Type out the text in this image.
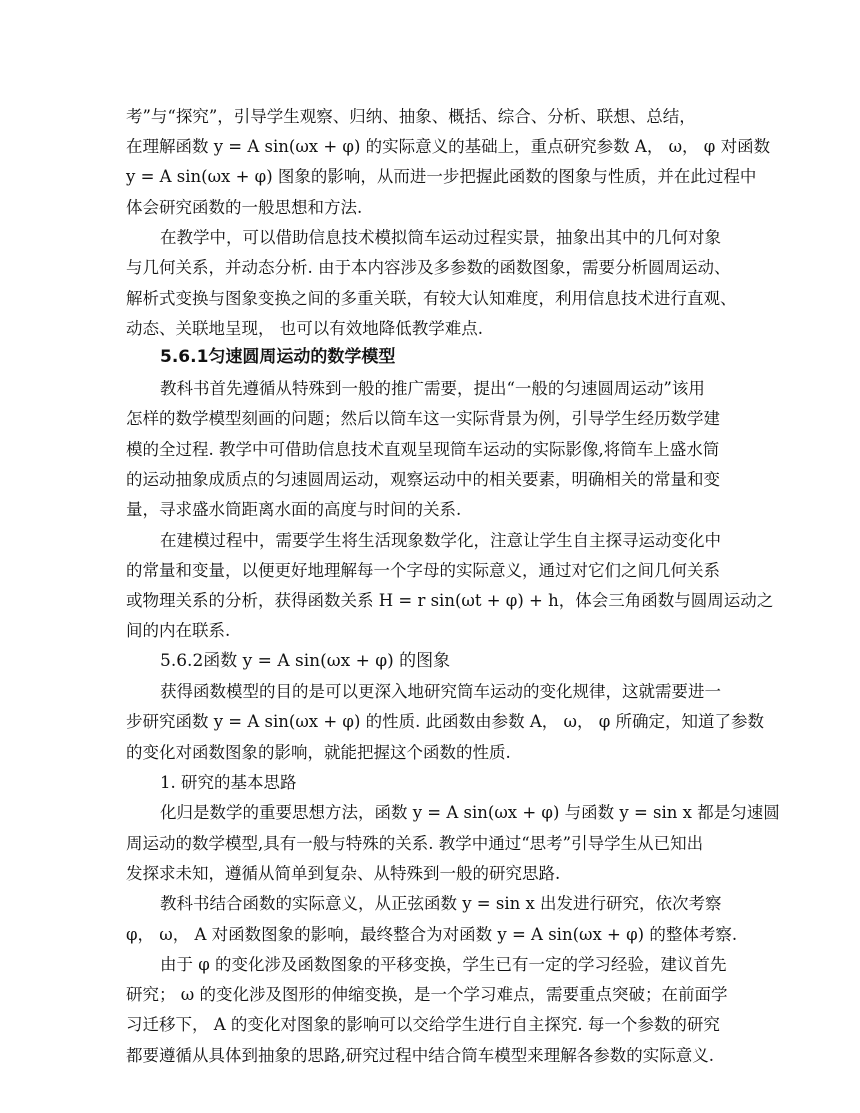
考”与“探究”，引导学生观察、归纳、抽象、概括、综合、分析、联想、总结，
在理解函数 y = A sin(ωx + φ) 的实际意义的基础上，重点研究参数 A， ω， φ 对函数
y = A sin(ωx + φ) 图象的影响，从而进一步把握此函数的图象与性质，并在此过程中
体会研究函数的一般思想和方法.
在教学中，可以借助信息技术模拟筒车运动过程实景，抽象出其中的几何对象
与几何关系，并动态分析. 由于本内容涉及多参数的函数图象，需要分析圆周运动、
解析式变换与图象变换之间的多重关联，有较大认知难度，利用信息技术进行直观、
动态、关联地呈现， 也可以有效地降低教学难点.
5.6.1匀速圆周运动的数学模型
教科书首先遵循从特殊到一般的推广需要，提出“一般的匀速圆周运动”该用
怎样的数学模型刻画的问题；然后以筒车这一实际背景为例，引导学生经历数学建
模的全过程. 教学中可借助信息技术直观呈现筒车运动的实际影像,将筒车上盛水筒
的运动抽象成质点的匀速圆周运动，观察运动中的相关要素，明确相关的常量和变
量，寻求盛水筒距离水面的高度与时间的关系.
在建模过程中，需要学生将生活现象数学化，注意让学生自主探寻运动变化中
的常量和变量，以便更好地理解每一个字母的实际意义，通过对它们之间几何关系
或物理关系的分析，获得函数关系 H = r sin(ωt + φ) + h，体会三角函数与圆周运动之
间的内在联系.
5.6.2函数 y = A sin(ωx + φ) 的图象
获得函数模型的目的是可以更深入地研究筒车运动的变化规律，这就需要进一
步研究函数 y = A sin(ωx + φ) 的性质. 此函数由参数 A， ω， φ 所确定，知道了参数
的变化对函数图象的影响，就能把握这个函数的性质.
1. 研究的基本思路
化归是数学的重要思想方法，函数 y = A sin(ωx + φ) 与函数 y = sin x 都是匀速圆
周运动的数学模型,具有一般与特殊的关系. 教学中通过“思考”引导学生从已知出
发探求未知，遵循从简单到复杂、从特殊到一般的研究思路.
教科书结合函数的实际意义，从正弦函数 y = sin x 出发进行研究，依次考察
φ， ω， A 对函数图象的影响，最终整合为对函数 y = A sin(ωx + φ) 的整体考察.
由于 φ 的变化涉及函数图象的平移变换，学生已有一定的学习经验，建议首先
研究； ω 的变化涉及图形的伸缩变换，是一个学习难点，需要重点突破；在前面学
习迁移下， A 的变化对图象的影响可以交给学生进行自主探究. 每一个参数的研究
都要遵循从具体到抽象的思路,研究过程中结合筒车模型来理解各参数的实际意义.
